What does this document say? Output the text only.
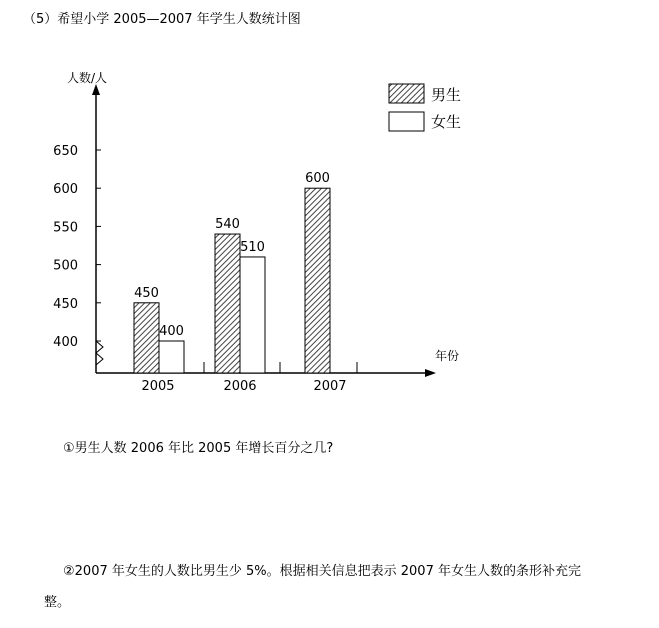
（5）希望小学 2005—2007 年学生人数统计图
人数/人
年份
400
450
500
550
600
650
450
400
540
510
600
2005	2006	2007
男生
女生
①男生人数 2006 年比 2005 年增长百分之几?
②2007 年女生的人数比男生少 5%。根据相关信息把表示 2007 年女生人数的条形补充完
整。
